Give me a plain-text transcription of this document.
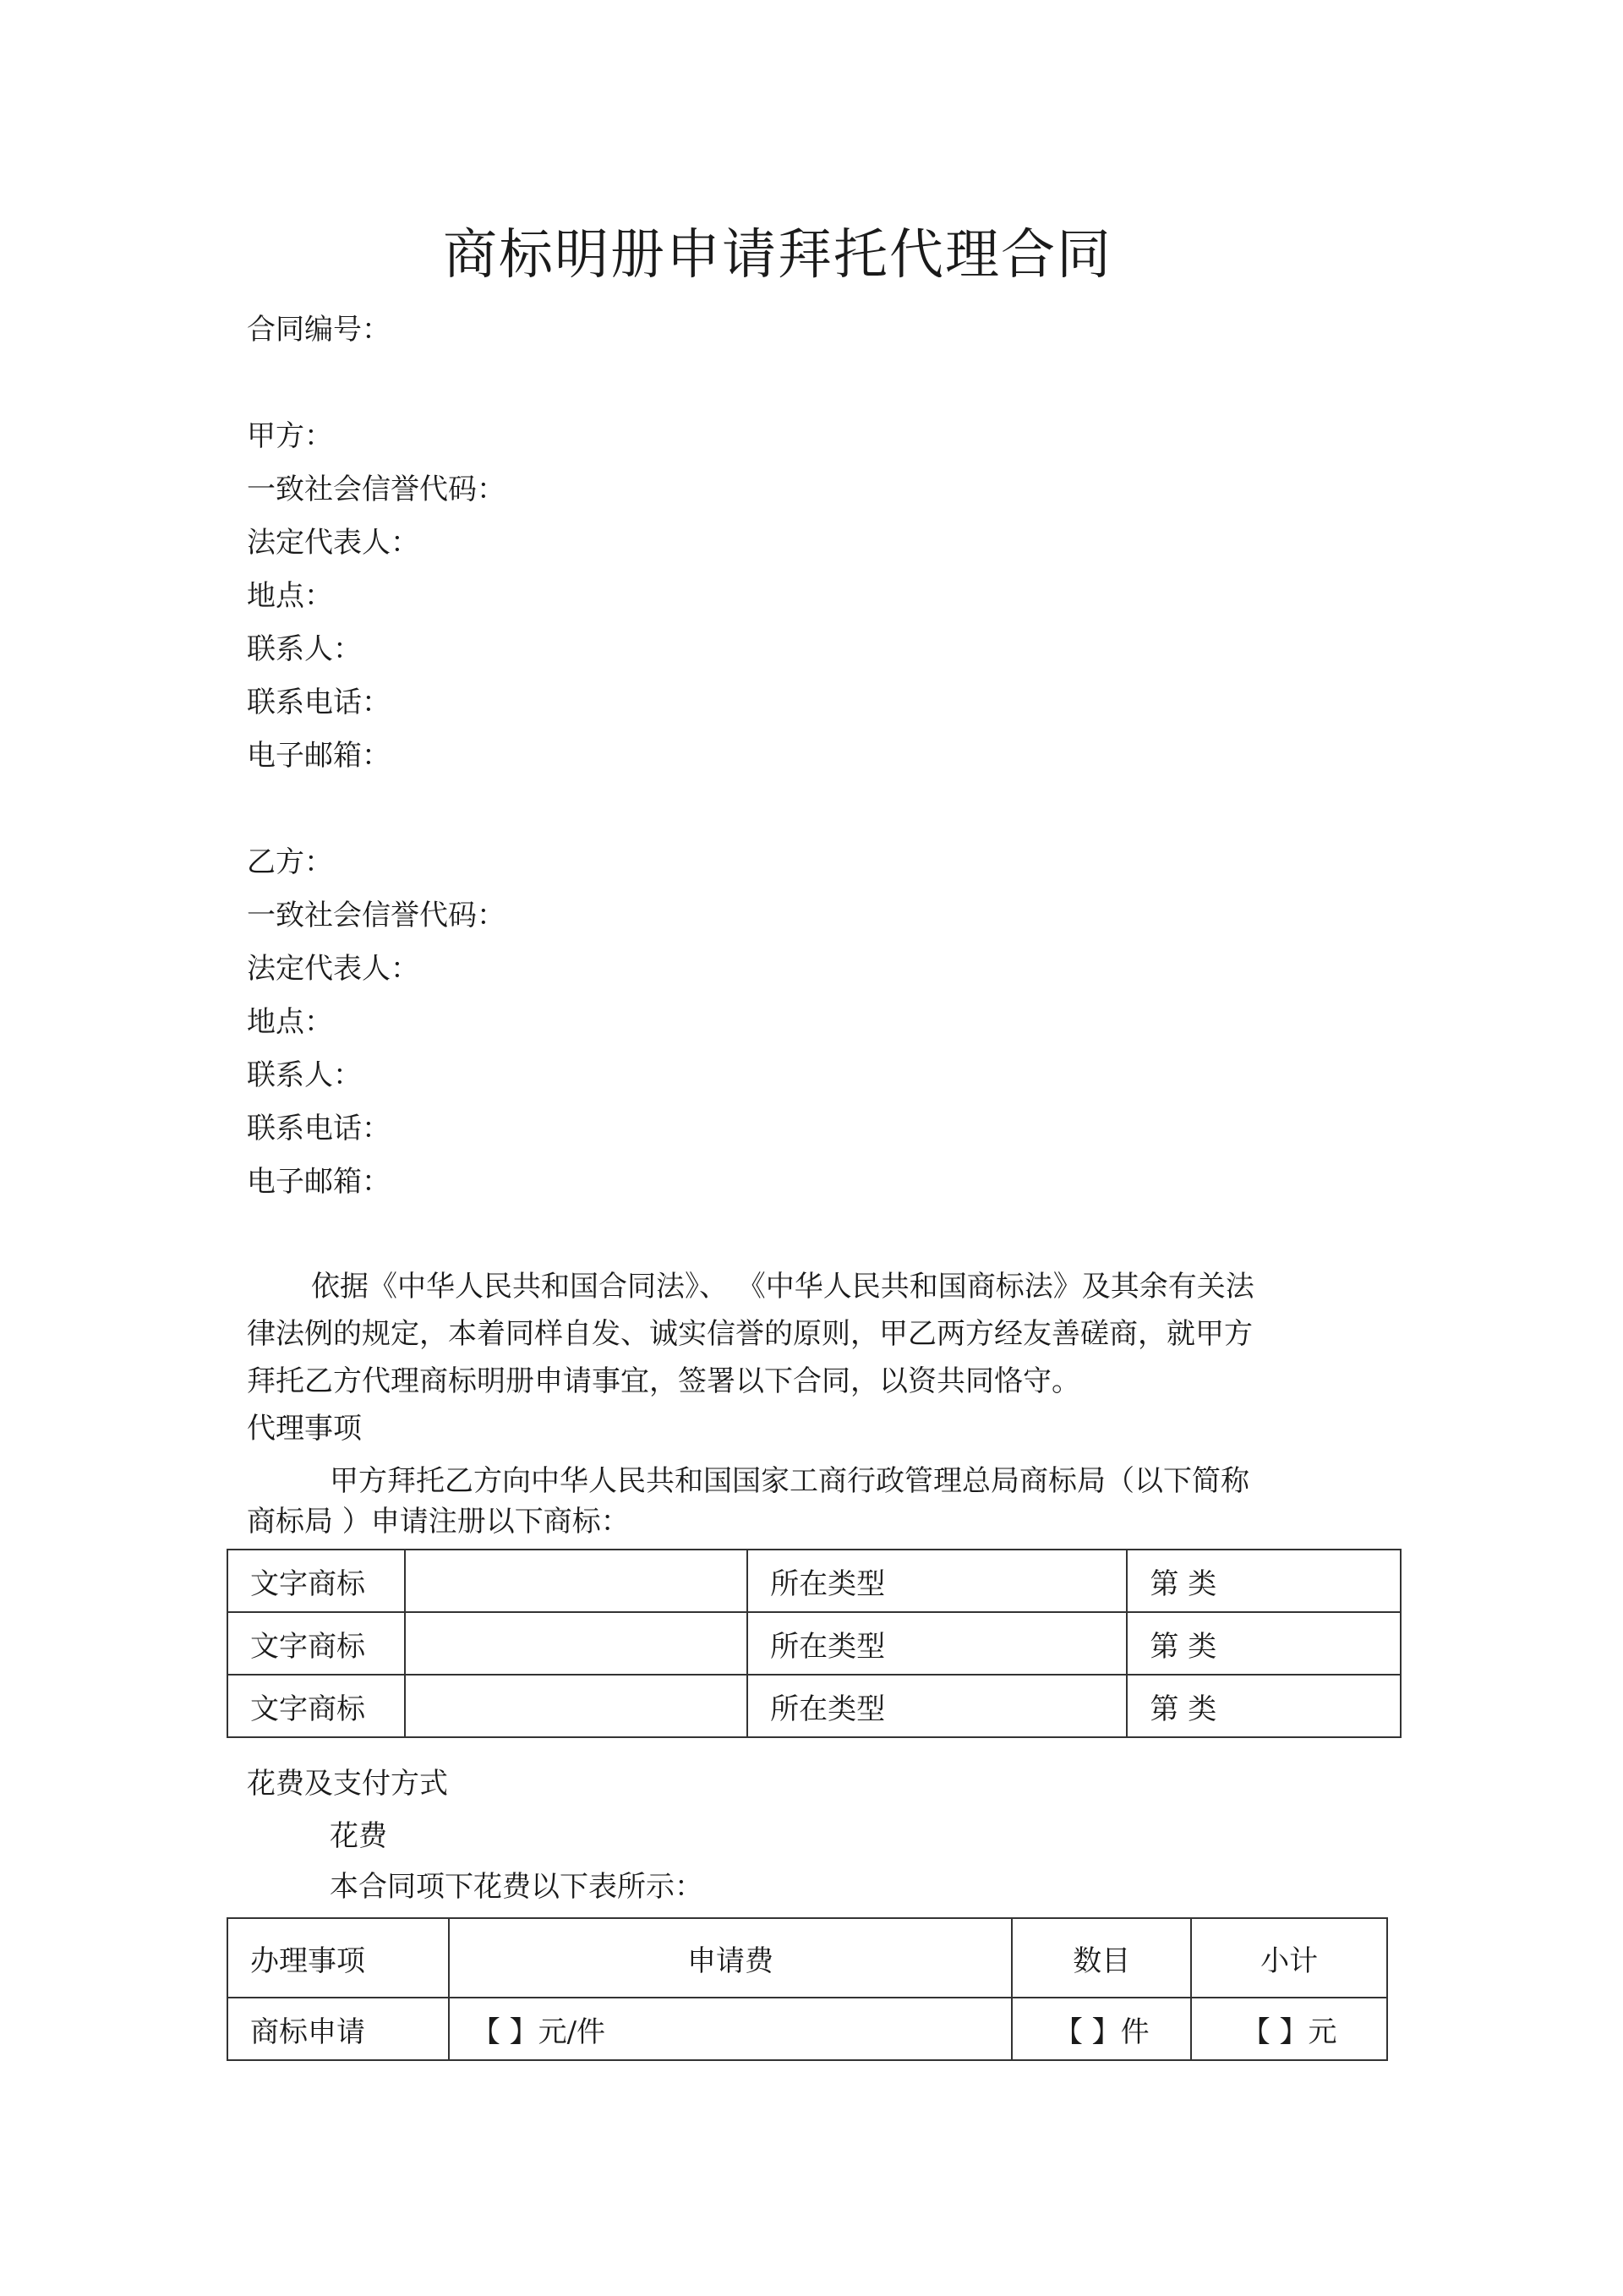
商标明册申请拜托代理合同
合同编号：
甲方：
一致社会信誉代码：
法定代表人：
地点：
联系人：
联系电话：
电子邮箱：
乙方：
一致社会信誉代码：
法定代表人：
地点：
联系人：
联系电话：
电子邮箱：
依据《中华人民共和国合同法》、 《中华人民共和国商标法》及其余有关法
律法例的规定，本着同样自发、诚实信誉的原则，甲乙两方经友善磋商，就甲方
拜托乙方代理商标明册申请事宜，签署以下合同，以资共同恪守。
代理事项
甲方拜托乙方向中华人民共和国国家工商行政管理总局商标局（以下简称
商标局 ）申请注册以下商标：
文字商标		所在类型	第 类
文字商标		所在类型	第 类
文字商标		所在类型	第 类
花费及支付方式
花费
本合同项下花费以下表所示：
办理事项	申请费	数目	小计
商标申请	【 】元/件	【 】件	【 】元
